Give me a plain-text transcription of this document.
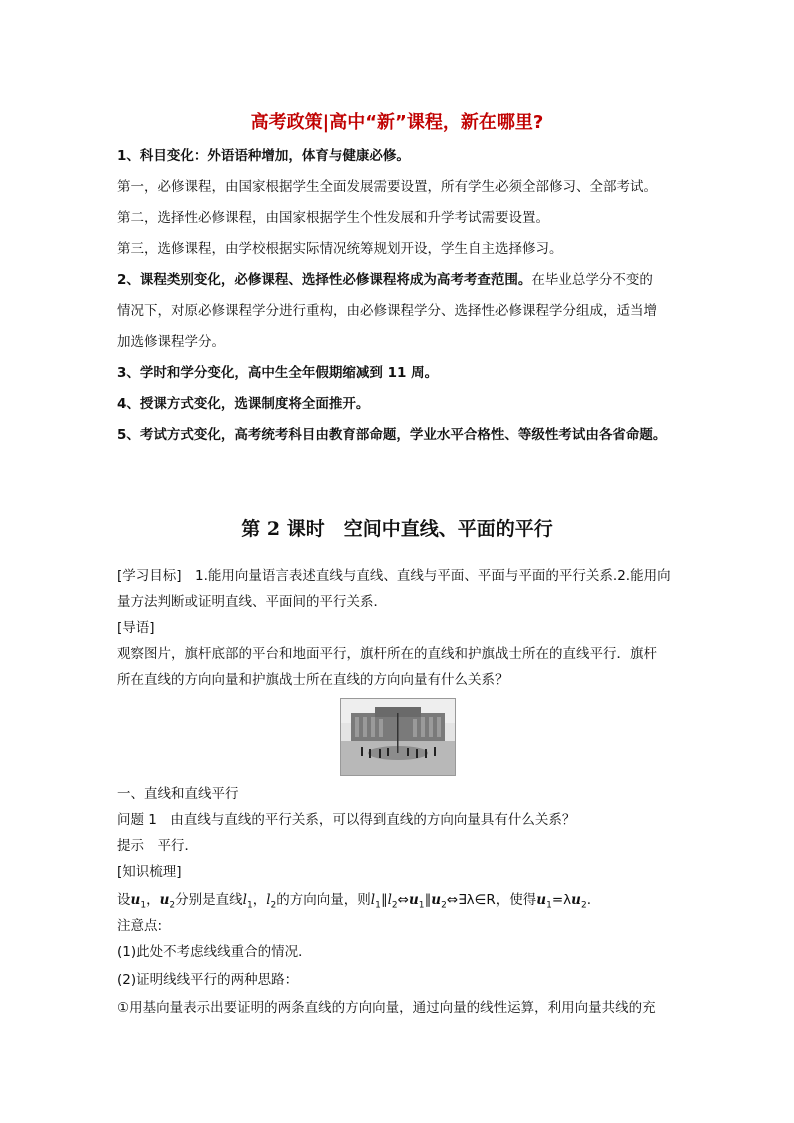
高考政策|高中“新”课程，新在哪里?
1、科目变化：外语语种增加，体育与健康必修。
第一，必修课程，由国家根据学生全面发展需要设置，所有学生必须全部修习、全部考试。
第二，选择性必修课程，由国家根据学生个性发展和升学考试需要设置。
第三，选修课程，由学校根据实际情况统筹规划开设，学生自主选择修习。
2、课程类别变化，必修课程、选择性必修课程将成为高考考查范围。在毕业总学分不变的
情况下，对原必修课程学分进行重构，由必修课程学分、选择性必修课程学分组成，适当增
加选修课程学分。
3、学时和学分变化，高中生全年假期缩减到 11 周。
4、授课方式变化，选课制度将全面推开。
5、考试方式变化，高考统考科目由教育部命题，学业水平合格性、等级性考试由各省命题。
第 2 课时　空间中直线、平面的平行
[学习目标]　1.能用向量语言表述直线与直线、直线与平面、平面与平面的平行关系.2.能用向
量方法判断或证明直线、平面间的平行关系．
[导语]
观察图片，旗杆底部的平台和地面平行，旗杆所在的直线和护旗战士所在的直线平行．旗杆
所在直线的方向向量和护旗战士所在直线的方向向量有什么关系？
一、直线和直线平行
问题 1　由直线与直线的平行关系，可以得到直线的方向向量具有什么关系？
提示　平行．
[知识梳理]
设$u_1$，$u_2$分别是直线$l_1$，$l_2$的方向向量，则$l_1\parallel l_2\Leftrightarrow u_1\parallel u_2\Leftrightarrow\exists\lambda\in R$，使得$u_1=\lambda u_2$.
注意点:
(1)此处不考虑线线重合的情况．
(2)证明线线平行的两种思路：
①用基向量表示出要证明的两条直线的方向向量，通过向量的线性运算，利用向量共线的充
